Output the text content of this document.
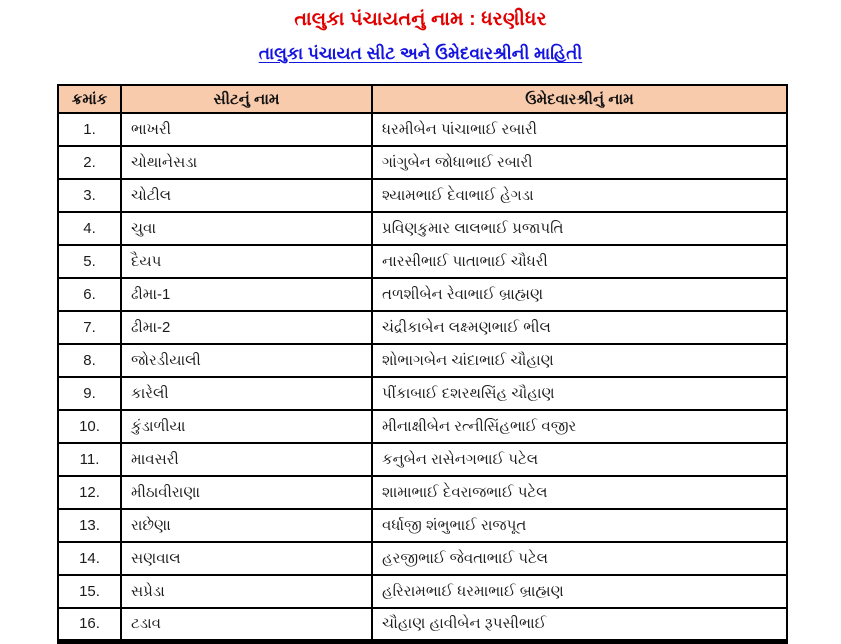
તાલુકા પંચાયતનું નામ : ધરણીધર
તાલુકા પંચાયત સીટ અને ઉમેદવારશ્રીની માહિતી
ક્રમાંક	સીટનું નામ	ઉમેદવારશ્રીનું નામ
1.	ભાખરી	ધરમીબેન પાંચાભાઈ રબારી
2.	ચોથાનેસડા	ગાંગુબેન જોધાભાઈ રબારી
3.	ચોટીલ	શ્યામભાઈ દેવાભાઈ હેગડા
4.	ચુવા	પ્રવિણકુમાર લાલભાઈ પ્રજાપતિ
5.	દૈયપ	નારસીભાઈ પાતાભાઈ ચૌધરી
6.	ઢીમા-1	તળશીબેન રેવાભાઈ બ્રાહ્મણ
7.	ઢીમા-2	ચંદ્રીકાબેન લક્ષ્મણભાઈ ભીલ
8.	જોરડીયાલી	શોભાગબેન ચાંદાભાઈ ચૌહાણ
9.	કારેલી	પીંકાબાઈ દશરથસિંહ ચૌહાણ
10.	કુંડાળીયા	મીનાક્ષીબેન રત્નીસિંહભાઈ વજીર
11.	માવસરી	કનુબેન રાસેનગભાઈ પટેલ
12.	મીઠાવીરાણા	શામાભાઈ દેવરાજભાઈ પટેલ
13.	રાછેણા	વર્ધાજી શંભુભાઈ રાજપૂત
14.	સણવાલ	હરજીભાઈ જેવતાભાઈ પટેલ
15.	સપ્રેડા	હરિરામભાઈ ધરમાભાઈ બ્રાહ્મણ
16.	ટડાવ	ચૌહાણ હાવીબેન રૂપસીભાઈ
